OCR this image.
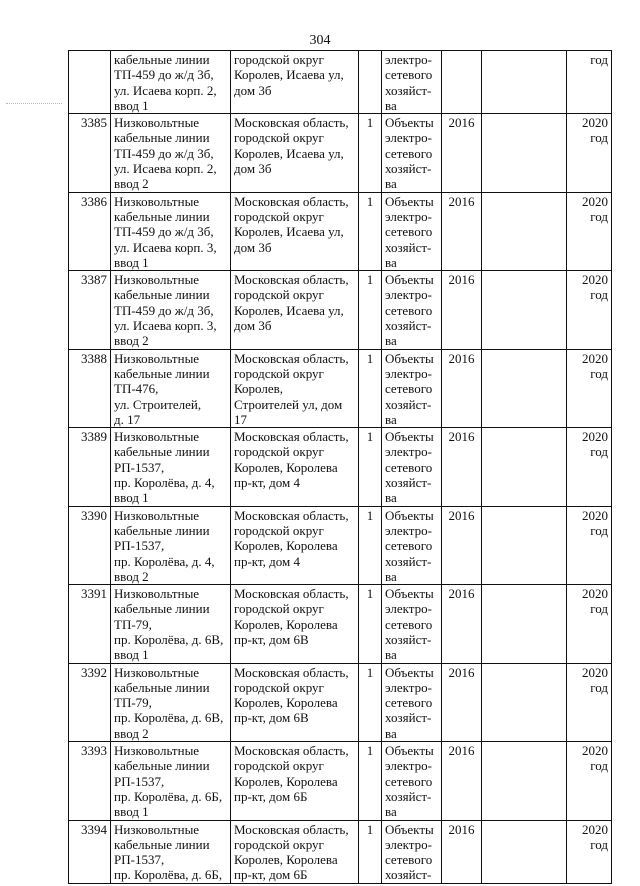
304
	кабельные линии
ТП-459 до ж/д 3б,
ул. Исаева корп. 2,
ввод 1	городской округ
Королев, Исаева ул,
дом 3б		электро-
сетевого
хозяйст-
ва			год
3385	Низковольтные
кабельные линии
ТП-459 до ж/д 3б,
ул. Исаева корп. 2,
ввод 2	Московская область,
городской округ
Королев, Исаева ул,
дом 3б	1	Объекты
электро-
сетевого
хозяйст-
ва	2016		2020
год
3386	Низковольтные
кабельные линии
ТП-459 до ж/д 3б,
ул. Исаева корп. 3,
ввод 1	Московская область,
городской округ
Королев, Исаева ул,
дом 3б	1	Объекты
электро-
сетевого
хозяйст-
ва	2016		2020
год
3387	Низковольтные
кабельные линии
ТП-459 до ж/д 3б,
ул. Исаева корп. 3,
ввод 2	Московская область,
городской округ
Королев, Исаева ул,
дом 3б	1	Объекты
электро-
сетевого
хозяйст-
ва	2016		2020
год
3388	Низковольтные
кабельные линии
ТП-476,
ул. Строителей,
д. 17	Московская область,
городской округ
Королев,
Строителей ул, дом
17	1	Объекты
электро-
сетевого
хозяйст-
ва	2016		2020
год
3389	Низковольтные
кабельные линии
РП-1537,
пр. Королёва, д. 4,
ввод 1	Московская область,
городской округ
Королев, Королева
пр-кт, дом 4	1	Объекты
электро-
сетевого
хозяйст-
ва	2016		2020
год
3390	Низковольтные
кабельные линии
РП-1537,
пр. Королёва, д. 4,
ввод 2	Московская область,
городской округ
Королев, Королева
пр-кт, дом 4	1	Объекты
электро-
сетевого
хозяйст-
ва	2016		2020
год
3391	Низковольтные
кабельные линии
ТП-79,
пр. Королёва, д. 6В,
ввод 1	Московская область,
городской округ
Королев, Королева
пр-кт, дом 6В	1	Объекты
электро-
сетевого
хозяйст-
ва	2016		2020
год
3392	Низковольтные
кабельные линии
ТП-79,
пр. Королёва, д. 6В,
ввод 2	Московская область,
городской округ
Королев, Королева
пр-кт, дом 6В	1	Объекты
электро-
сетевого
хозяйст-
ва	2016		2020
год
3393	Низковольтные
кабельные линии
РП-1537,
пр. Королёва, д. 6Б,
ввод 1	Московская область,
городской округ
Королев, Королева
пр-кт, дом 6Б	1	Объекты
электро-
сетевого
хозяйст-
ва	2016		2020
год
3394	Низковольтные
кабельные линии
РП-1537,
пр. Королёва, д. 6Б,	Московская область,
городской округ
Королев, Королева
пр-кт, дом 6Б	1	Объекты
электро-
сетевого
хозяйст-	2016		2020
год
